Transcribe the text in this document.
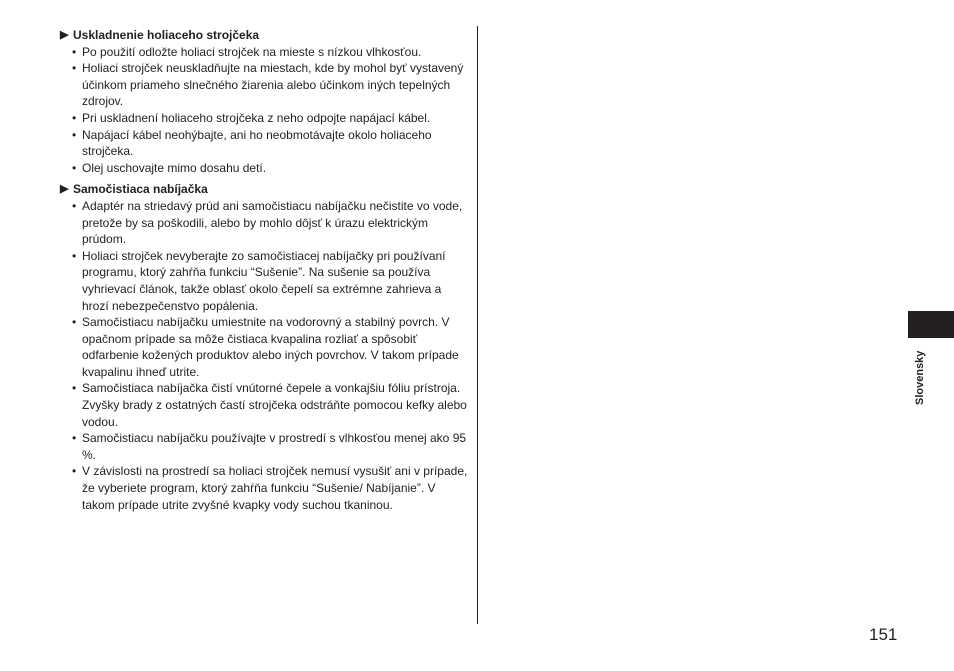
▶ Uskladnenie holiaceho strojčeka
• Po použití odložte holiaci strojček na mieste s nízkou vlhkosťou.
• Holiaci strojček neuskladňujte na miestach, kde by mohol byť vystavený účinkom priameho slnečného žiarenia alebo účinkom iných tepelných zdrojov.
• Pri uskladnení holiaceho strojčeka z neho odpojte napájací kábel.
• Napájací kábel neohýbajte, ani ho neobmotávajte okolo holiaceho strojčeka.
• Olej uschovajte mimo dosahu detí.
▶ Samočistiaca nabíjačka
• Adaptér na striedavý prúd ani samočistiacu nabíjačku nečistite vo vode, pretože by sa poškodili, alebo by mohlo dôjsť k úrazu elektrickým prúdom.
• Holiaci strojček nevyberajte zo samočistiacej nabíjačky pri používaní programu, ktorý zahŕňa funkciu “Sušenie”. Na sušenie sa používa vyhrievací článok, takže oblasť okolo čepelí sa extrémne zahrieva a hrozí nebezpečenstvo popálenia.
• Samočistiacu nabíjačku umiestnite na vodorovný a stabilný povrch. V opačnom prípade sa môže čistiaca kvapalina rozliať a spôsobiť odfarbenie kožených produktov alebo iných povrchov. V takom prípade kvapalinu ihneď utrite.
• Samočistiaca nabíjačka čistí vnútorné čepele a vonkajšiu fóliu prístroja. Zvyšky brady z ostatných častí strojčeka odstráňte pomocou kefky alebo vodou.
• Samočistiacu nabíjačku používajte v prostredí s vlhkosťou menej ako 95 %.
• V závislosti na prostredí sa holiaci strojček nemusí vysušiť ani v prípade, že vyberiete program, ktorý zahŕňa funkciu “Sušenie/ Nabíjanie”. V takom prípade utrite zvyšné kvapky vody suchou tkaninou.
Slovensky
151
